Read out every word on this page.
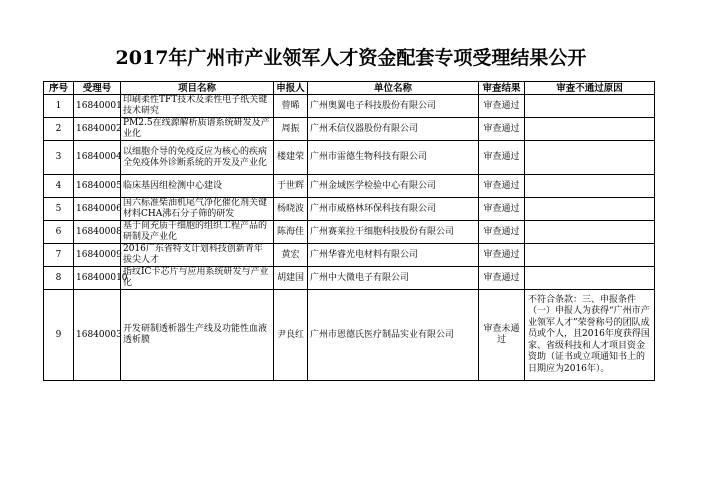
2017年广州市产业领军人才资金配套专项受理结果公开
序号	受理号	项目名称	申报人	单位名称	审查结果	审查不通过原因
1	16840001	印刷柔性TFT技术及柔性电子纸关键技术研究	曾晞	广州奥翼电子科技股份有限公司	审查通过	
2	16840002	PM2.5在线源解析质谱系统研发及产业化	周振	广州禾信仪器股份有限公司	审查通过	
3	16840004	以细胞介导的免疫反应为核心的疾病全免疫体外诊断系统的开发及产业化	楼建荣	广州市雷德生物科技有限公司	审查通过	
4	16840005	临床基因组检测中心建设	于世辉	广州金域医学检验中心有限公司	审查通过	
5	16840006	国六标准柴油机尾气净化催化剂关键材料CHA沸石分子筛的研发	杨晓波	广州市威格林环保科技有限公司	审查通过	
6	16840008	基于间充质干细胞的组织工程产品的研制及产业化	陈海佳	广州赛莱拉干细胞科技股份有限公司	审查通过	
7	16840009	2016广东省特支计划科技创新青年拔尖人才	黄宏	广州华睿光电材料有限公司	审查通过	
8	168400010	指纹IC卡芯片与应用系统研发与产业化	胡建国	广州中大微电子有限公司	审查通过	
9	16840003	开发研制透析器生产线及功能性血液透析膜	尹良红	广州市恩德氏医疗制品实业有限公司	审查未通过	不符合条款：三、申报条件（一）申报人为获得“广州市产业领军人才”荣誉称号的团队成员或个人，且2016年度获得国家、省级科技和人才项目资金资助（证书或立项通知书上的日期应为2016年）。
